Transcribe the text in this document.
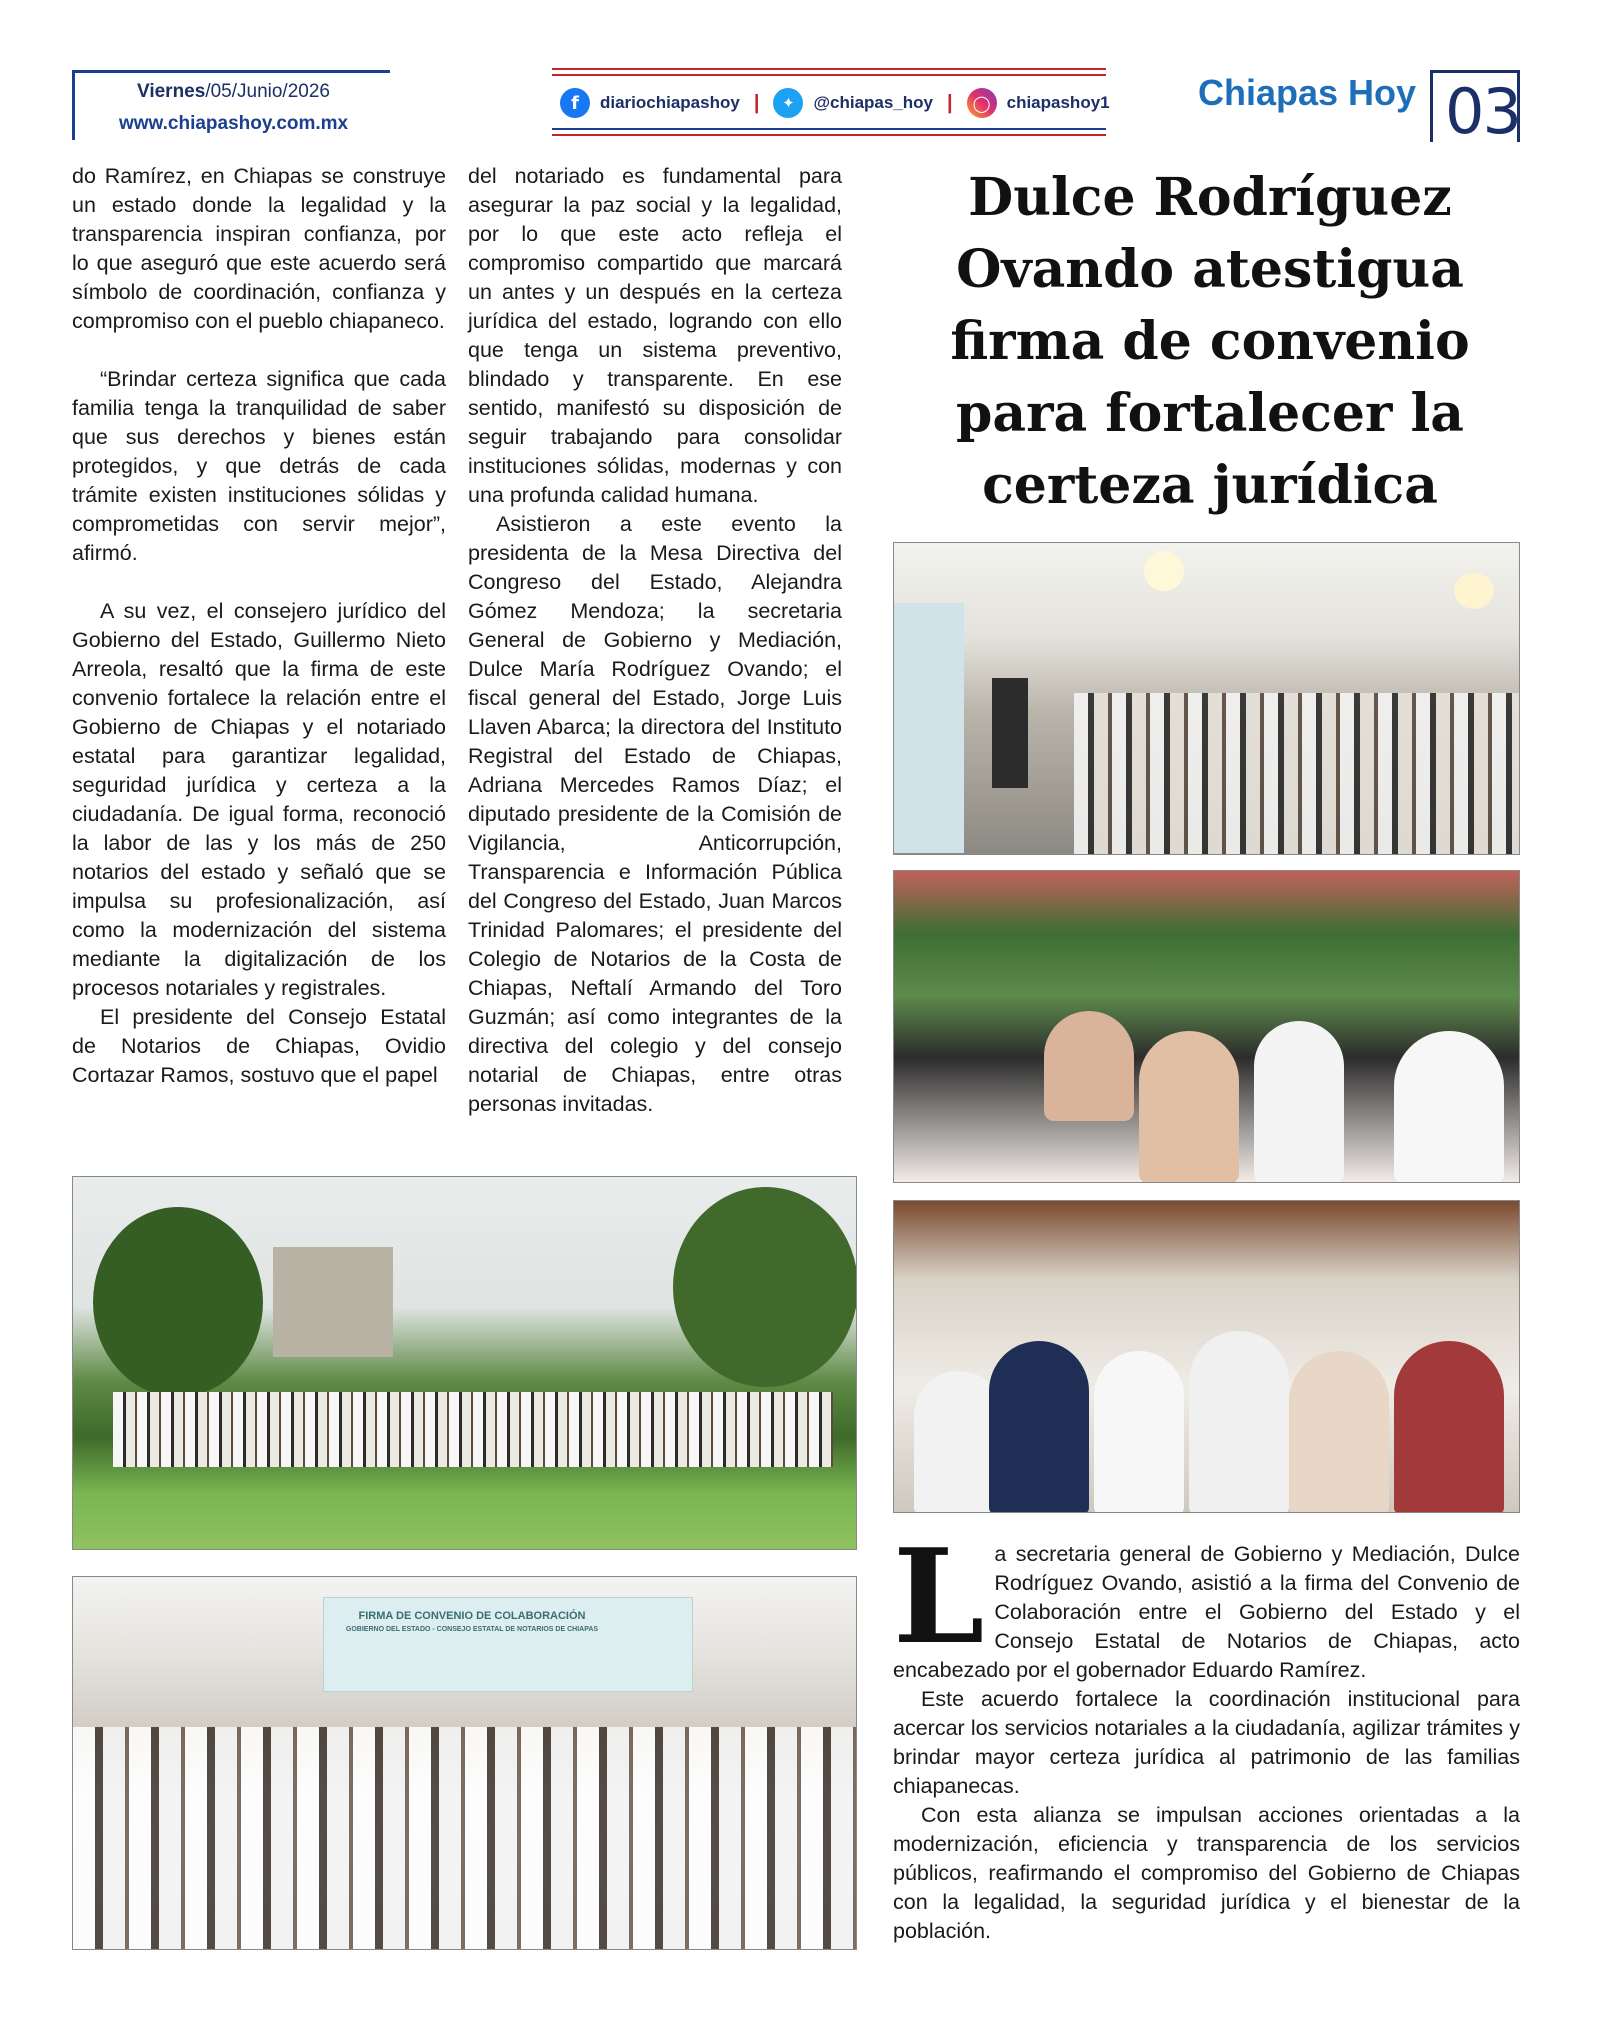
Viernes/05/Junio/2026
www.chiapashoy.com.mx
f	diariochiapashoy |	✦	@chiapas_hoy |	◯ chiapashoy1 Chiapas Hoy 03
Dulce Rodríguez Ovando atestigua firma de convenio para fortalecer la certeza jurídica

do Ramírez, en Chiapas se construye un estado donde la legalidad y la transparencia inspiran confianza, por lo que aseguró que este acuerdo será símbolo de coordinación, confianza y compromiso con el pueblo chiapaneco.

“Brindar certeza significa que cada familia tenga la tranquilidad de saber que sus derechos y bienes están protegidos, y que detrás de cada trámite existen instituciones sólidas y comprometidas con servir mejor”, afirmó.

A su vez, el consejero jurídico del Gobierno del Estado, Guillermo Nieto Arreola, resaltó que la firma de este convenio fortalece la relación entre el Gobierno de Chiapas y el notariado estatal para garantizar legalidad, seguridad jurídica y certeza a la ciudadanía. De igual forma, reconoció la labor de las y los más de 250 notarios del estado y señaló que se impulsa su profesionalización, así como la modernización del sistema mediante la digitalización de los procesos notariales y registrales.

El presidente del Consejo Estatal de Notarios de Chiapas, Ovidio Cortazar Ramos, sostuvo que el papel

del notariado es fundamental para asegurar la paz social y la legalidad, por lo que este acto refleja el compromiso compartido que marcará un antes y un después en la certeza jurídica del estado, logrando con ello que tenga un sistema preventivo, blindado y transparente. En ese sentido, manifestó su disposición de seguir trabajando para consolidar instituciones sólidas, modernas y con una profunda calidad humana.

Asistieron a este evento la presidenta de la Mesa Directiva del Congreso del Estado, Alejandra Gómez Mendoza; la secretaria General de Gobierno y Mediación, Dulce María Rodríguez Ovando; el fiscal general del Estado, Jorge Luis Llaven Abarca; la directora del Instituto Registral del Estado de Chiapas, Adriana Mercedes Ramos Díaz; el diputado presidente de la Comisión de Vigilancia, Anticorrupción, Transparencia e Información Pública del Congreso del Estado, Juan Marcos Trinidad Palomares; el presidente del Colegio de Notarios de la Costa de Chiapas, Neftalí Armando del Toro Guzmán; así como integrantes de la directiva del colegio y del consejo notarial de Chiapas, entre otras personas invitadas.

FIRMA DE CONVENIO DE COLABORACIÓN
GOBIERNO DEL ESTADO - CONSEJO ESTATAL DE NOTARIOS DE CHIAPAS La secretaria general de Gobierno y Mediación, Dulce Rodríguez Ovando, asistió a la firma del Convenio de Colaboración entre el Gobierno del Estado y el Consejo Estatal de Notarios de Chiapas, acto encabezado por el gobernador Eduardo Ramírez.

Este acuerdo fortalece la coordinación institucional para acercar los servicios notariales a la ciudadanía, agilizar trámites y brindar mayor certeza jurídica al patrimonio de las familias chiapanecas.

Con esta alianza se impulsan acciones orientadas a la modernización, eficiencia y transparencia de los servicios públicos, reafirmando el compromiso del Gobierno de Chiapas con la legalidad, la seguridad jurídica y el bienestar de la población.
